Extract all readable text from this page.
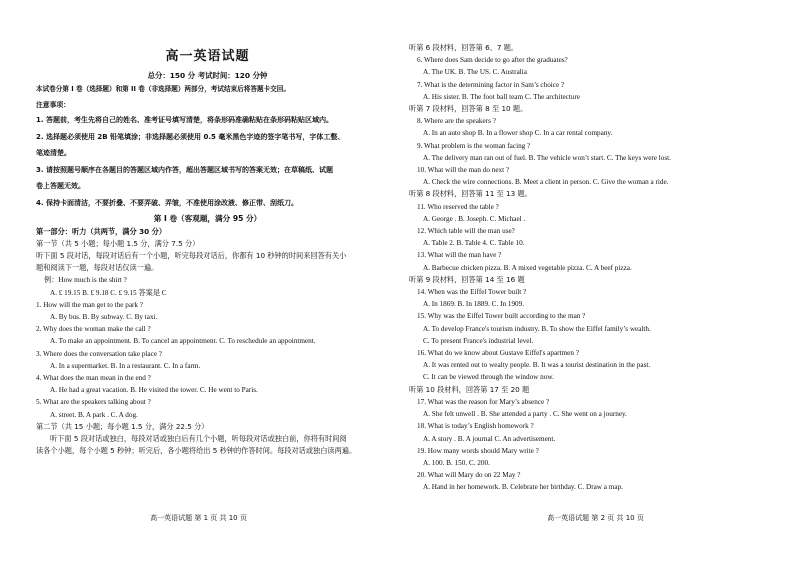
高一英语试题
总分：150 分 考试时间：120 分钟
本试卷分第 I 卷（选择题）和第 II 卷（非选择题）两部分，考试结束后将答题卡交回。
注意事项：
1. 答题前，考生先将自己的姓名、准考证号填写清楚，将条形码准确粘贴在条形码粘贴区域内。
2. 选择题必须使用 2B 铅笔填涂；非选择题必须使用 0.5 毫米黑色字迹的签字笔书写，字体工整、
笔迹清楚。
3. 请按照题号顺序在各题目的答题区域内作答，超出答题区域书写的答案无效；在草稿纸、试题
卷上答题无效。
4. 保持卡面清洁，不要折叠、不要弄破、弄皱，不准使用涂改液、修正带、刮纸刀。
第 I 卷（客观题，满分 95 分）
第一部分：听力（共两节，满分 30 分）
第一节（共 5 小题；每小题 1.5 分，满分 7.5 分）
听下面 5 段对话，每段对话后有一个小题，听完每段对话后，你都有 10 秒钟的时间来回答有关小
题和阅读下一题，每段对话仅读一遍。
例：How much is the shirt ?
A. £ 19.15 B. £ 9.18 C. £ 9.15 答案是 C
1. How will the man get to the park ?
A. By bus. B. By subway. C. By taxi.
2. Why does the woman make the call ?
A. To make an appointment. B. To cancel an appointment. C. To reschedule an appointment.
3. Where does the conversation take place ?
A. In a supermarket. B. In a restaurant. C. In a farm.
4. What does the man mean in the end ?
A. He had a great vacation. B. He visited the tower. C. He went to Paris.
5. What are the speakers talking about ?
A. street. B. A park . C. A dog.
第二节（共 15 小题；每小题 1.5 分，满分 22.5 分）
听下面 5 段对话或独白，每段对话或独白后有几个小题，听每段对话或独白前，你将有时间阅
读各个小题，每个小题 5 秒钟；听完后，各小题将给出 5 秒钟的作答时间。每段对话或独白读两遍。
高一英语试题 第 1 页 共 10 页
听第 6 段材料，回答第 6、7 题。
6. Where does Sam decide to go after the graduates?
A. The UK. B. The US. C. Australia
7. What is the determining factor in Sam’s choice ?
A. His sister. B. The foot ball team C. The architecture
听第 7 段材料，回答第 8 至 10 题。
8. Where are the speakers ?
A. In an auto shop B. In a flower shop C. In a car rental company.
9. What problem is the woman facing ?
A. The delivery man ran out of fuel. B. The vehicle won’t start. C. The keys were lost.
10. What will the man do next ?
A. Check the wire connections. B. Meet a client in person. C. Give the woman a ride.
听第 8 段材料，回答第 11 至 13 题。
11. Who reserved the table ?
A. George . B. Joseph. C. Michael .
12. Which table will the man use?
A. Table 2. B. Table 4. C. Table 10.
13. What will the man have ?
A. Barbecue chicken pizza. B. A mixed vegetable pizza. C. A beef pizza.
听第 9 段材料，回答第 14 至 16 题
14. When was the Eiffel Tower built ?
A. In 1869. B. In 1889. C. In 1909.
15. Why was the Eiffel Tower built according to the man ?
A. To develop France's tourism industry. B. To show the Eiffel family’s wealth.
C. To present France's industrial level.
16. What do we know about Gustave Eiffel's apartmen ?
A. It was rented out to wealty people. B. It was a tourist destination in the past.
C. It can be viewed through the window now.
听第 10 段材料，回答第 17 至 20 题
17. What was the reason for Mary’s absence ?
A. She felt unwell . B. She attended a party . C. She went on a journey.
18. What is today’s English homework ?
A. A story . B. A journal C. An advertisement.
19. How many words should Mary write ?
A. 100. B. 150. C. 200.
20. What will Mary do on 22 May ?
A. Hand in her homework. B. Celebrate her birthday. C. Draw a map.
高一英语试题 第 2 页 共 10 页
